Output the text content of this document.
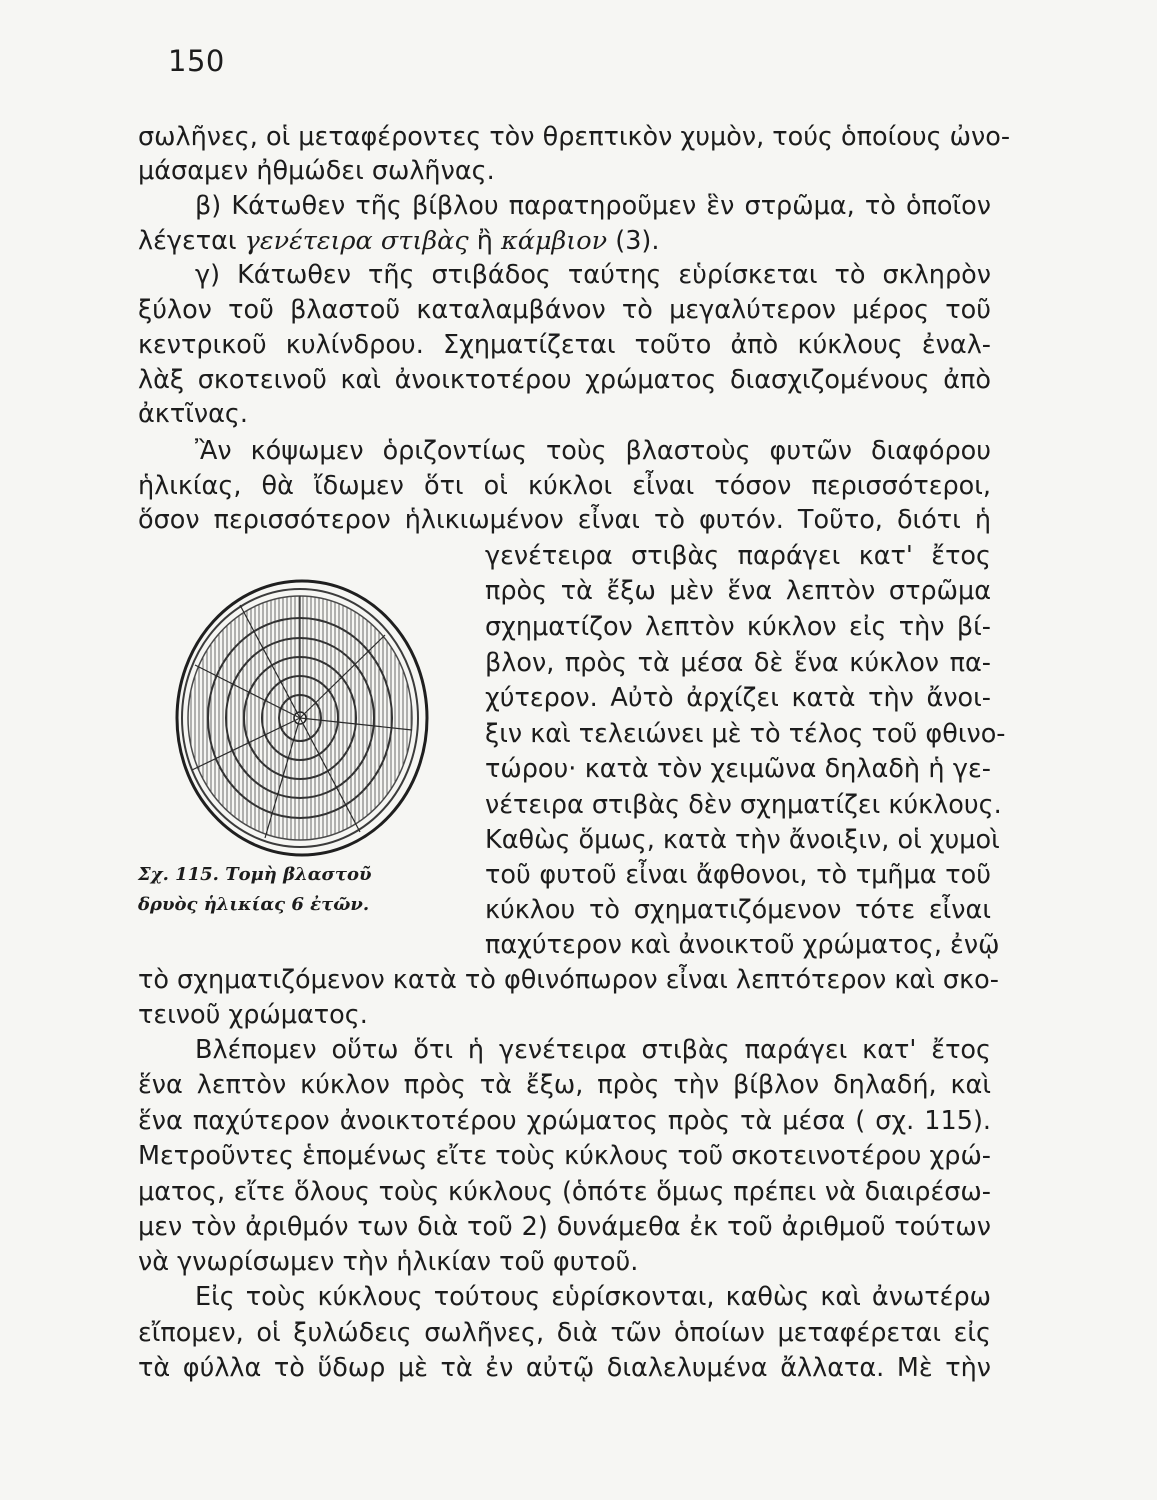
150
σωλῆνες, οἱ μεταφέροντες τὸν θρεπτικὸν χυμὸν, τούς ὁποίους ὠνο-
μάσαμεν ἠθμώδει σωλῆνας.
β) Κάτωθεν τῆς βίβλου παρατηροῦμεν ἓν στρῶμα, τὸ ὁποῖον
λέγεται γενέτειρα στιβὰς ἢ κάμβιον (3).
γ) Κάτωθεν τῆς στιβάδος ταύτης εὑρίσκεται τὸ σκληρὸν
ξύλον τοῦ βλαστοῦ καταλαμβάνον τὸ μεγαλύτερον μέρος τοῦ
κεντρικοῦ κυλίνδρου. Σχηματίζεται τοῦτο ἀπὸ κύκλους ἐναλ-
λὰξ σκοτεινοῦ καὶ ἀνοικτοτέρου χρώματος διασχιζομένους ἀπὸ
ἀκτῖνας.
Ἂν κόψωμεν ὁριζοντίως τοὺς βλαστοὺς φυτῶν διαφόρου
ἡλικίας, θὰ ἴδωμεν ὅτι οἱ κύκλοι εἶναι τόσον περισσότεροι,
ὅσον περισσότερον ἡλικιωμένον εἶναι τὸ φυτόν. Τοῦτο, διότι ἡ
γενέτειρα στιβὰς παράγει κατ' ἔτος
πρὸς τὰ ἔξω μὲν ἕνα λεπτὸν στρῶμα
σχηματίζον λεπτὸν κύκλον εἰς τὴν βί-
βλον, πρὸς τὰ μέσα δὲ ἕνα κύκλον πα-
χύτερον. Αὐτὸ ἀρχίζει κατὰ τὴν ἄνοι-
ξιν καὶ τελειώνει μὲ τὸ τέλος τοῦ φθινο-
τώρου· κατὰ τὸν χειμῶνα δηλαδὴ ἡ γε-
νέτειρα στιβὰς δὲν σχηματίζει κύκλους.
Καθὼς ὅμως, κατὰ τὴν ἄνοιξιν, οἱ χυμοὶ
τοῦ φυτοῦ εἶναι ἄφθονοι, τὸ τμῆμα τοῦ
κύκλου τὸ σχηματιζόμενον τότε εἶναι
παχύτερον καὶ ἀνοικτοῦ χρώματος, ἐνῷ
τὸ σχηματιζόμενον κατὰ τὸ φθινόπωρον εἶναι λεπτότερον καὶ σκο-
τεινοῦ χρώματος.
Βλέπομεν οὕτω ὅτι ἡ γενέτειρα στιβὰς παράγει κατ' ἔτος
ἕνα λεπτὸν κύκλον πρὸς τὰ ἔξω, πρὸς τὴν βίβλον δηλαδή, καὶ
ἕνα παχύτερον ἀνοικτοτέρου χρώματος πρὸς τὰ μέσα ( σχ. 115).
Μετροῦντες ἑπομένως εἴτε τοὺς κύκλους τοῦ σκοτεινοτέρου χρώ-
ματος, εἴτε ὅλους τοὺς κύκλους (ὁπότε ὅμως πρέπει νὰ διαιρέσω-
μεν τὸν ἀριθμόν των διὰ τοῦ 2) δυνάμεθα ἐκ τοῦ ἀριθμοῦ τούτων
νὰ γνωρίσωμεν τὴν ἡλικίαν τοῦ φυτοῦ.
Εἰς τοὺς κύκλους τούτους εὑρίσκονται, καθὼς καὶ ἀνωτέρω
εἴπομεν, οἱ ξυλώδεις σωλῆνες, διὰ τῶν ὁποίων μεταφέρεται εἰς
τὰ φύλλα τὸ ὕδωρ μὲ τὰ ἐν αὐτῷ διαλελυμένα ἄλλατα. Μὲ τὴν
Σχ. 115. Τομὴ βλαστοῦ
δρυὸς ἡλικίας 6 ἐτῶν.
